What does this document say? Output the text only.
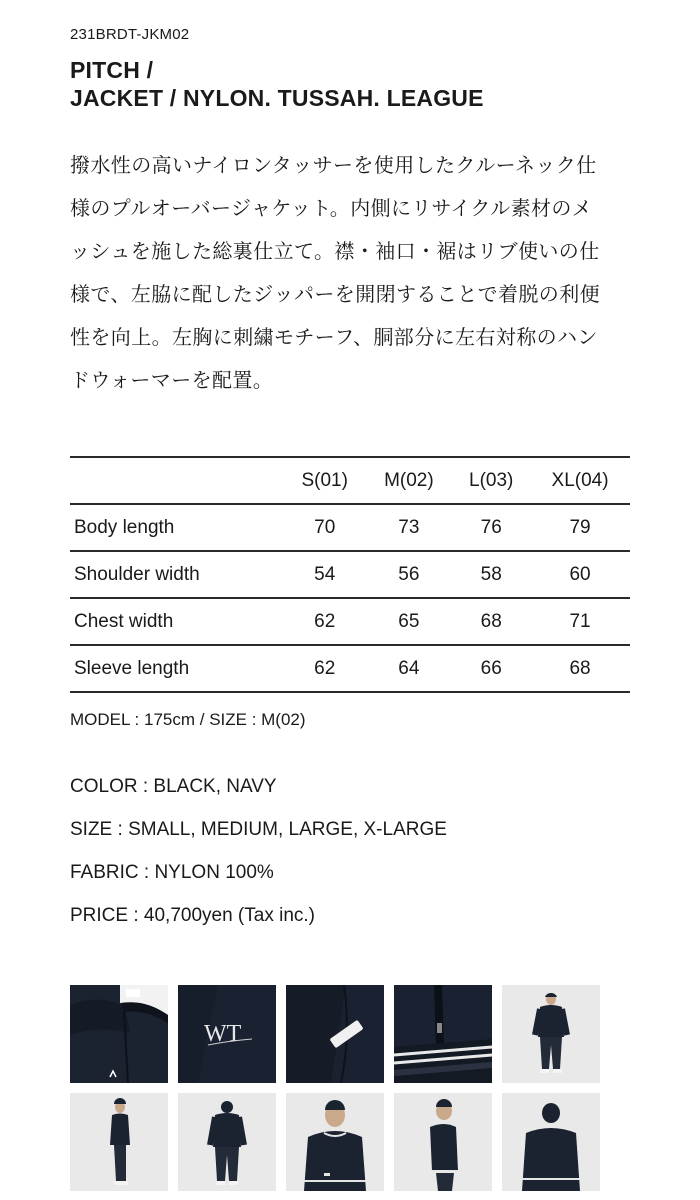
231BRDT-JKM02
PITCH /
JACKET / NYLON. TUSSAH. LEAGUE
撥水性の高いナイロンタッサーを使用したクルーネック仕
様のプルオーバージャケット。内側にリサイクル素材のメ
ッシュを施した総裏仕立て。襟・袖口・裾はリブ使いの仕
様で、左脇に配したジッパーを開閉することで着脱の利便
性を向上。左胸に刺繍モチーフ、胴部分に左右対称のハン
ドウォーマーを配置。
	S(01)	M(02)	L(03)	XL(04)
Body length	70	73	76	79
Shoulder width	54	56	58	60
Chest width	62	65	68	71
Sleeve length	62	64	66	68
MODEL : 175cm / SIZE : M(02)
COLOR : BLACK, NAVY
SIZE : SMALL, MEDIUM, LARGE, X-LARGE
FABRIC : NYLON 100%
PRICE : 40,700yen (Tax inc.)
WT
